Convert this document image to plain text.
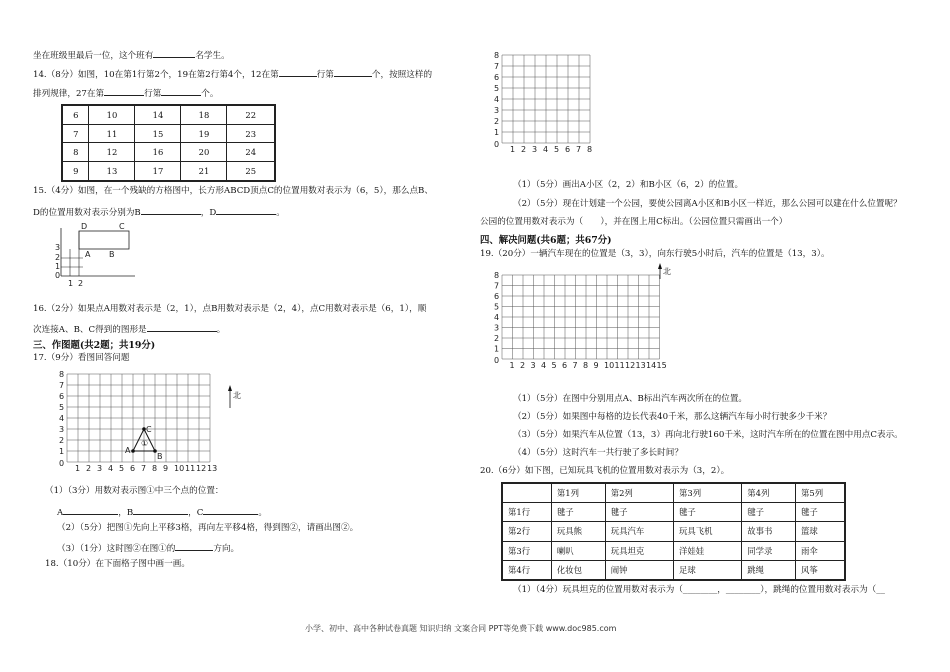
坐在班级里最后一位，这个班有	名学生。
14.（8分）如图，10在第1行第2个，19在第2行第4个，12在第	行第	个，按照这样的
排列规律，27在第	行第	个。
6	10	14	18	22
7	11	15	19	23
8	12	16	20	24
9	13	17	21	25
15.（4分）如图，在一个残缺的方格图中，长方形ABCD顶点C的位置用数对表示为（6，5），那么点B、
D的位置用数对表示分别为B	，D	。
D	C
A B
3
2
1
0
1 2
16.（2分）如果点A用数对表示是（2，1），点B用数对表示是（2，4），点C用数对表示是（6，1），顺
次连接A、B、C得到的图形是	。
三、作图题(共2题；共19分)
17.（9分）看图回答问题
1 2 3 4 5 6 7 8 9 10 11 12 13
1
2
3
4
5
6
7
8
0
A
B
C
①
北
（1）（3分）用数对表示图①中三个点的位置：
A	，B	，C	。
（2）（5分）把图①先向上平移3格，再向左平移4格，得到图②，请画出图②。
（3）（1分）这时图②在图①的	方向。
18.（10分）在下面格子图中画一画。
1 2 3 4 5 6 7 8
1
2
3
4
5
6
7
8
0
（1）（5分）画出A小区（2，2）和B小区（6，2）的位置。
（2）（5分）现在计划建一个公园，要使公园离A小区和B小区一样近，那么公园可以建在什么位置呢？
公园的位置用数对表示为（　　），并在图上用C标出。（公园位置只需画出一个）
四、解决问题(共6题；共67分)
19.（20分）一辆汽车现在的位置是（3，3），向东行驶5小时后，汽车的位置是（13，3）。
1 2 3 4 5 6 7 8 9 10 11 12 13 14 15
1
2
3
4
5
6
7
8
0
北
（1）（5分）在图中分别用点A、B标出汽车两次所在的位置。
（2）（5分）如果图中每格的边长代表40千米，那么这辆汽车每小时行驶多少千米？
（3）（5分）如果汽车从位置（13，3）再向北行驶160千米，这时汽车所在的位置在图中用点C表示。
（4）（5分）这时汽车一共行驶了多长时间？
20.（6分）如下图，已知玩具飞机的位置用数对表示为（3，2）。
	第1列	第2列	第3列	第4列	第5列
第1行	毽子	毽子	毽子	毽子	毽子
第2行	玩具熊	玩具汽车	玩具飞机	故事书	篮球
第3行	喇叭	玩具坦克	洋娃娃	同学录	雨伞
第4行	化妆包	闹钟	足球	跳绳	风筝
（1）（4分）玩具坦克的位置用数对表示为（________，________），跳绳的位置用数对表示为（__
小学、初中、高中各种试卷真题 知识归纳 文案合同 PPT等免费下载 www.doc985.com
